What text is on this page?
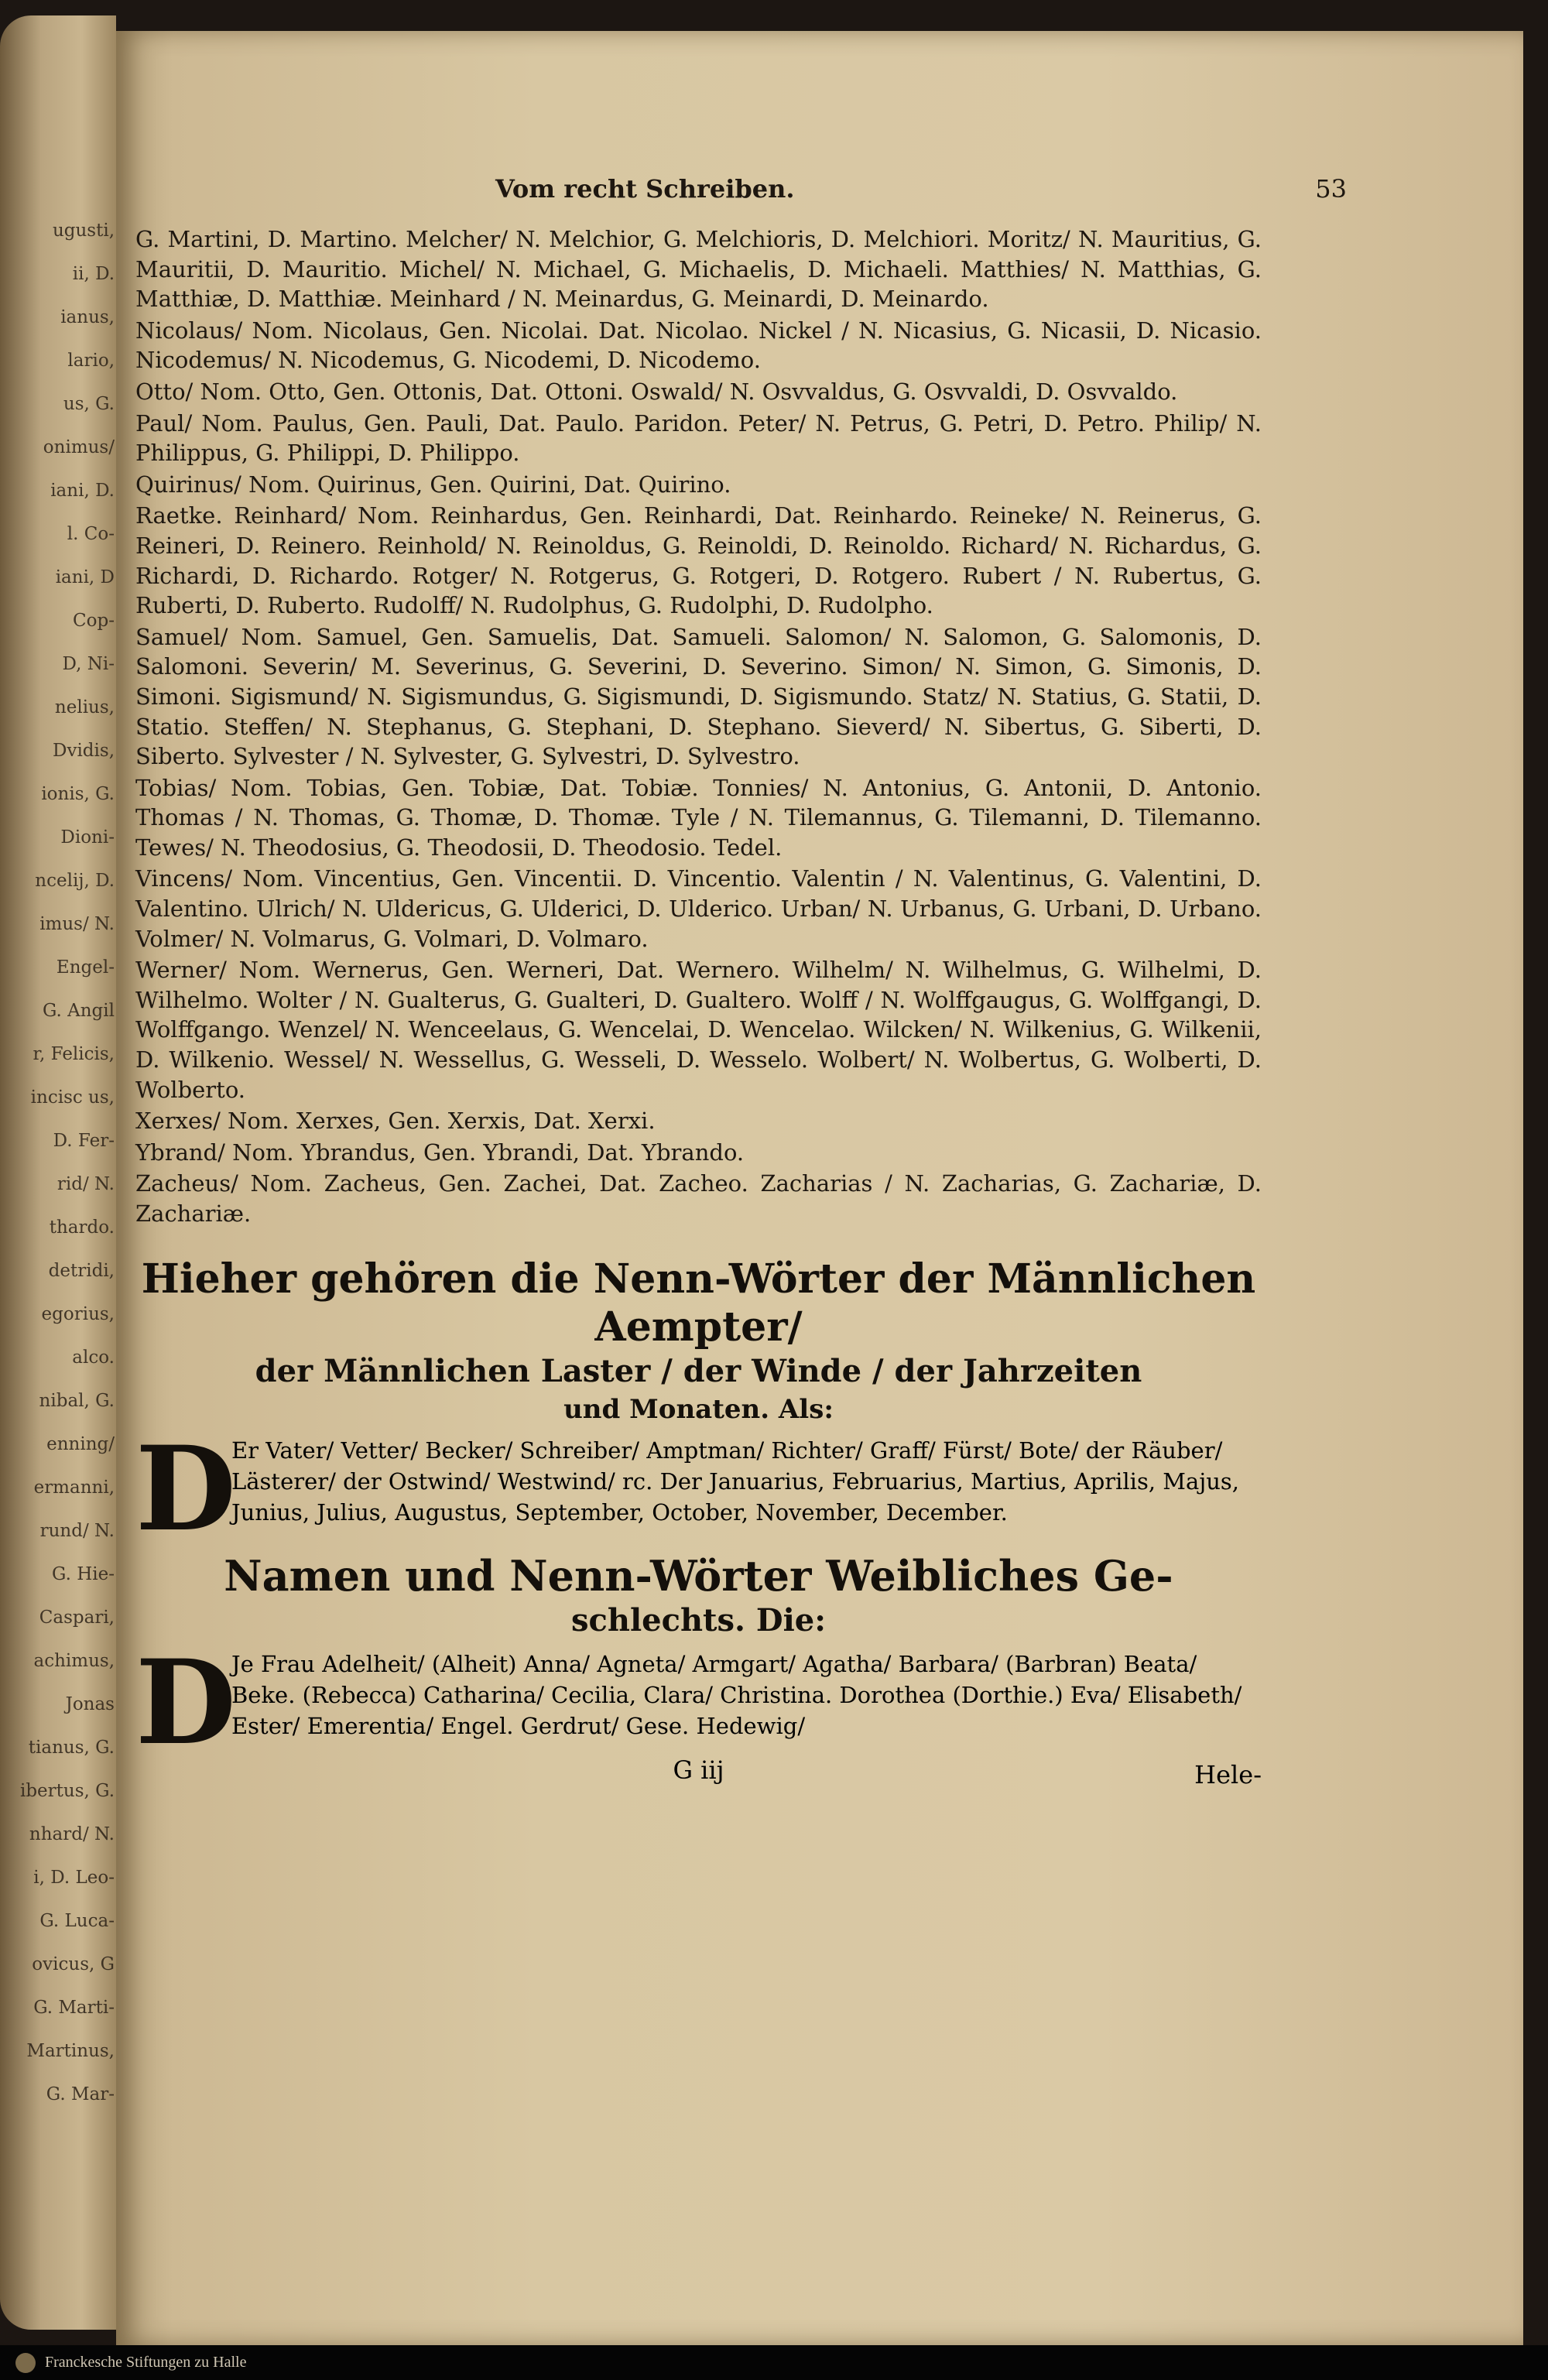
ugusti,
ii, D.
ianus,
lario,
us, G.
onimus/
iani, D.
l. Co-
iani, D
Cop-
D, Ni-
nelius,
Dvidis,
ionis, G.
Dioni-
ncelij, D.
imus/ N.
Engel-
G. Angil
r, Felicis,
incisc us,
D. Fer-
rid/ N.
thardo.
detridi,
egorius,
alco.
nibal, G.
enning/
ermanni,
rund/ N.
G. Hie-
Caspari,
achimus,
Jonas
tianus, G.
ibertus, G.
nhard/ N.
i, D. Leo-
G. Luca-
ovicus, G
G. Marti-
Martinus,
G. Mar-
Vom recht Schreiben.	53

G. Martini, D. Martino. Melcher/ N. Melchior, G. Melchioris, D. Melchiori. Moritz/ N. Mauritius, G. Mauritii, D. Mauritio. Michel/ N. Michael, G. Michaelis, D. Michaeli. Matthies/ N. Matthias, G. Matthiæ, D. Matthiæ. Meinhard / N. Meinardus, G. Meinardi, D. Meinardo.

Nicolaus/ Nom. Nicolaus, Gen. Nicolai. Dat. Nicolao. Nickel / N. Nicasius, G. Nicasii, D. Nicasio. Nicodemus/ N. Nicodemus, G. Nicodemi, D. Nicodemo.

Otto/ Nom. Otto, Gen. Ottonis, Dat. Ottoni. Oswald/ N. Osvvaldus, G. Osvvaldi, D. Osvvaldo.

Paul/ Nom. Paulus, Gen. Pauli, Dat. Paulo. Paridon. Peter/ N. Petrus, G. Petri, D. Petro. Philip/ N. Philippus, G. Philippi, D. Philippo.

Quirinus/ Nom. Quirinus, Gen. Quirini, Dat. Quirino.

Raetke. Reinhard/ Nom. Reinhardus, Gen. Reinhardi, Dat. Reinhardo. Reineke/ N. Reinerus, G. Reineri, D. Reinero. Reinhold/ N. Reinoldus, G. Reinoldi, D. Reinoldo. Richard/ N. Richardus, G. Richardi, D. Richardo. Rotger/ N. Rotgerus, G. Rotgeri, D. Rotgero. Rubert / N. Rubertus, G. Ruberti, D. Ruberto. Rudolff/ N. Rudolphus, G. Rudolphi, D. Rudolpho.

Samuel/ Nom. Samuel, Gen. Samuelis, Dat. Samueli. Salomon/ N. Salomon, G. Salomonis, D. Salomoni. Severin/ M. Severinus, G. Severini, D. Severino. Simon/ N. Simon, G. Simonis, D. Simoni. Sigismund/ N. Sigismundus, G. Sigismundi, D. Sigismundo. Statz/ N. Statius, G. Statii, D. Statio. Steffen/ N. Stephanus, G. Stephani, D. Stephano. Sieverd/ N. Sibertus, G. Siberti, D. Siberto. Sylvester / N. Sylvester, G. Sylvestri, D. Sylvestro.

Tobias/ Nom. Tobias, Gen. Tobiæ, Dat. Tobiæ. Tonnies/ N. Antonius, G. Antonii, D. Antonio. Thomas / N. Thomas, G. Thomæ, D. Thomæ. Tyle / N. Tilemannus, G. Tilemanni, D. Tilemanno. Tewes/ N. Theodosius, G. Theodosii, D. Theodosio. Tedel.

Vincens/ Nom. Vincentius, Gen. Vincentii. D. Vincentio. Valentin / N. Valentinus, G. Valentini, D. Valentino. Ulrich/ N. Uldericus, G. Ulderici, D. Ulderico. Urban/ N. Urbanus, G. Urbani, D. Urbano. Volmer/ N. Volmarus, G. Volmari, D. Volmaro.

Werner/ Nom. Wernerus, Gen. Werneri, Dat. Wernero. Wilhelm/ N. Wilhelmus, G. Wilhelmi, D. Wilhelmo. Wolter / N. Gualterus, G. Gualteri, D. Gualtero. Wolff / N. Wolffgaugus, G. Wolffgangi, D. Wolffgango. Wenzel/ N. Wenceelaus, G. Wencelai, D. Wencelao. Wilcken/ N. Wilkenius, G. Wilkenii, D. Wilkenio. Wessel/ N. Wessellus, G. Wesseli, D. Wesselo. Wolbert/ N. Wolbertus, G. Wolberti, D. Wolberto.

Xerxes/ Nom. Xerxes, Gen. Xerxis, Dat. Xerxi.

Ybrand/ Nom. Ybrandus, Gen. Ybrandi, Dat. Ybrando.

Zacheus/ Nom. Zacheus, Gen. Zachei, Dat. Zacheo. Zacharias / N. Zacharias, G. Zachariæ, D. Zachariæ.

Hieher gehören die Nenn-Wörter der Männlichen Aempter/
der Männlichen Laster / der Winde / der Jahrzeiten
und Monaten. Als:
D
Er Vater/ Vetter/ Becker/ Schreiber/ Amptman/ Richter/ Graff/ Fürst/ Bote/ der Räuber/ Lästerer/ der Ostwind/ Westwind/ rc. Der Januarius, Februarius, Martius, Aprilis, Majus, Junius, Julius, Augustus, September, October, November, December.
Namen und Nenn-Wörter Weibliches Ge-
schlechts. Die:
D
Je Frau Adelheit/ (Alheit) Anna/ Agneta/ Armgart/ Agatha/ Barbara/ (Barbran) Beata/ Beke. (Rebecca) Catharina/ Cecilia, Clara/ Christina. Dorothea (Dorthie.) Eva/ Elisabeth/ Ester/ Emerentia/ Engel. Gerdrut/ Gese. Hedewig/
G iij	Hele-
Franckesche Stiftungen zu Halle
